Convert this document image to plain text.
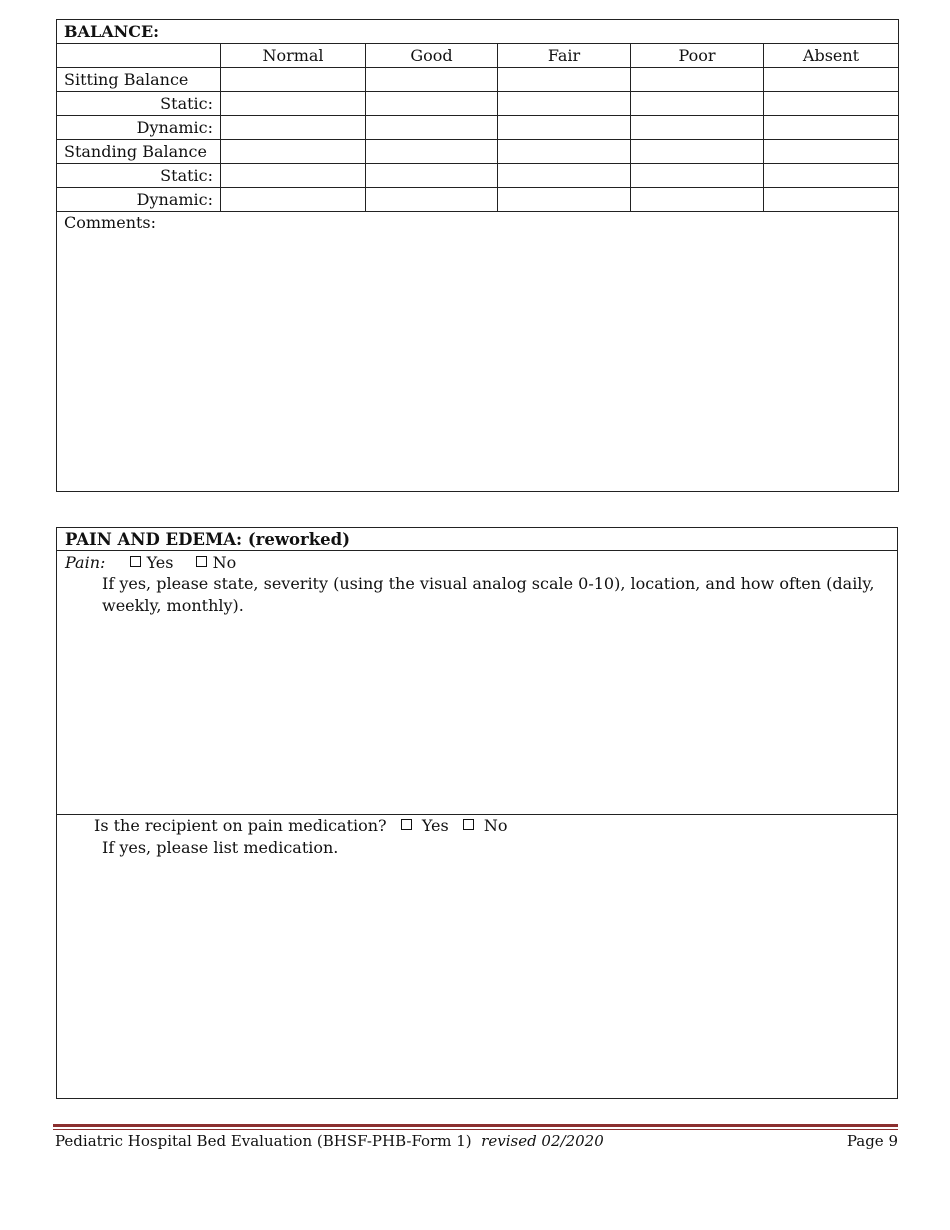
BALANCE:					
	Normal	Good	Fair	Poor	Absent
Sitting Balance					
Static:					
Dynamic:					
Standing Balance					
Static:					
Dynamic:					
Comments:					
PAIN AND EDEMA: (reworked)
Pain:	Yes No
If yes, please state, severity (using the visual analog scale 0-10), location, and how often (daily,
weekly, monthly).
Is the recipient on pain medication? Yes No
If yes, please list medication.
Pediatric Hospital Bed Evaluation (BHSF-PHB-Form 1) revised 02/2020	Page 9
